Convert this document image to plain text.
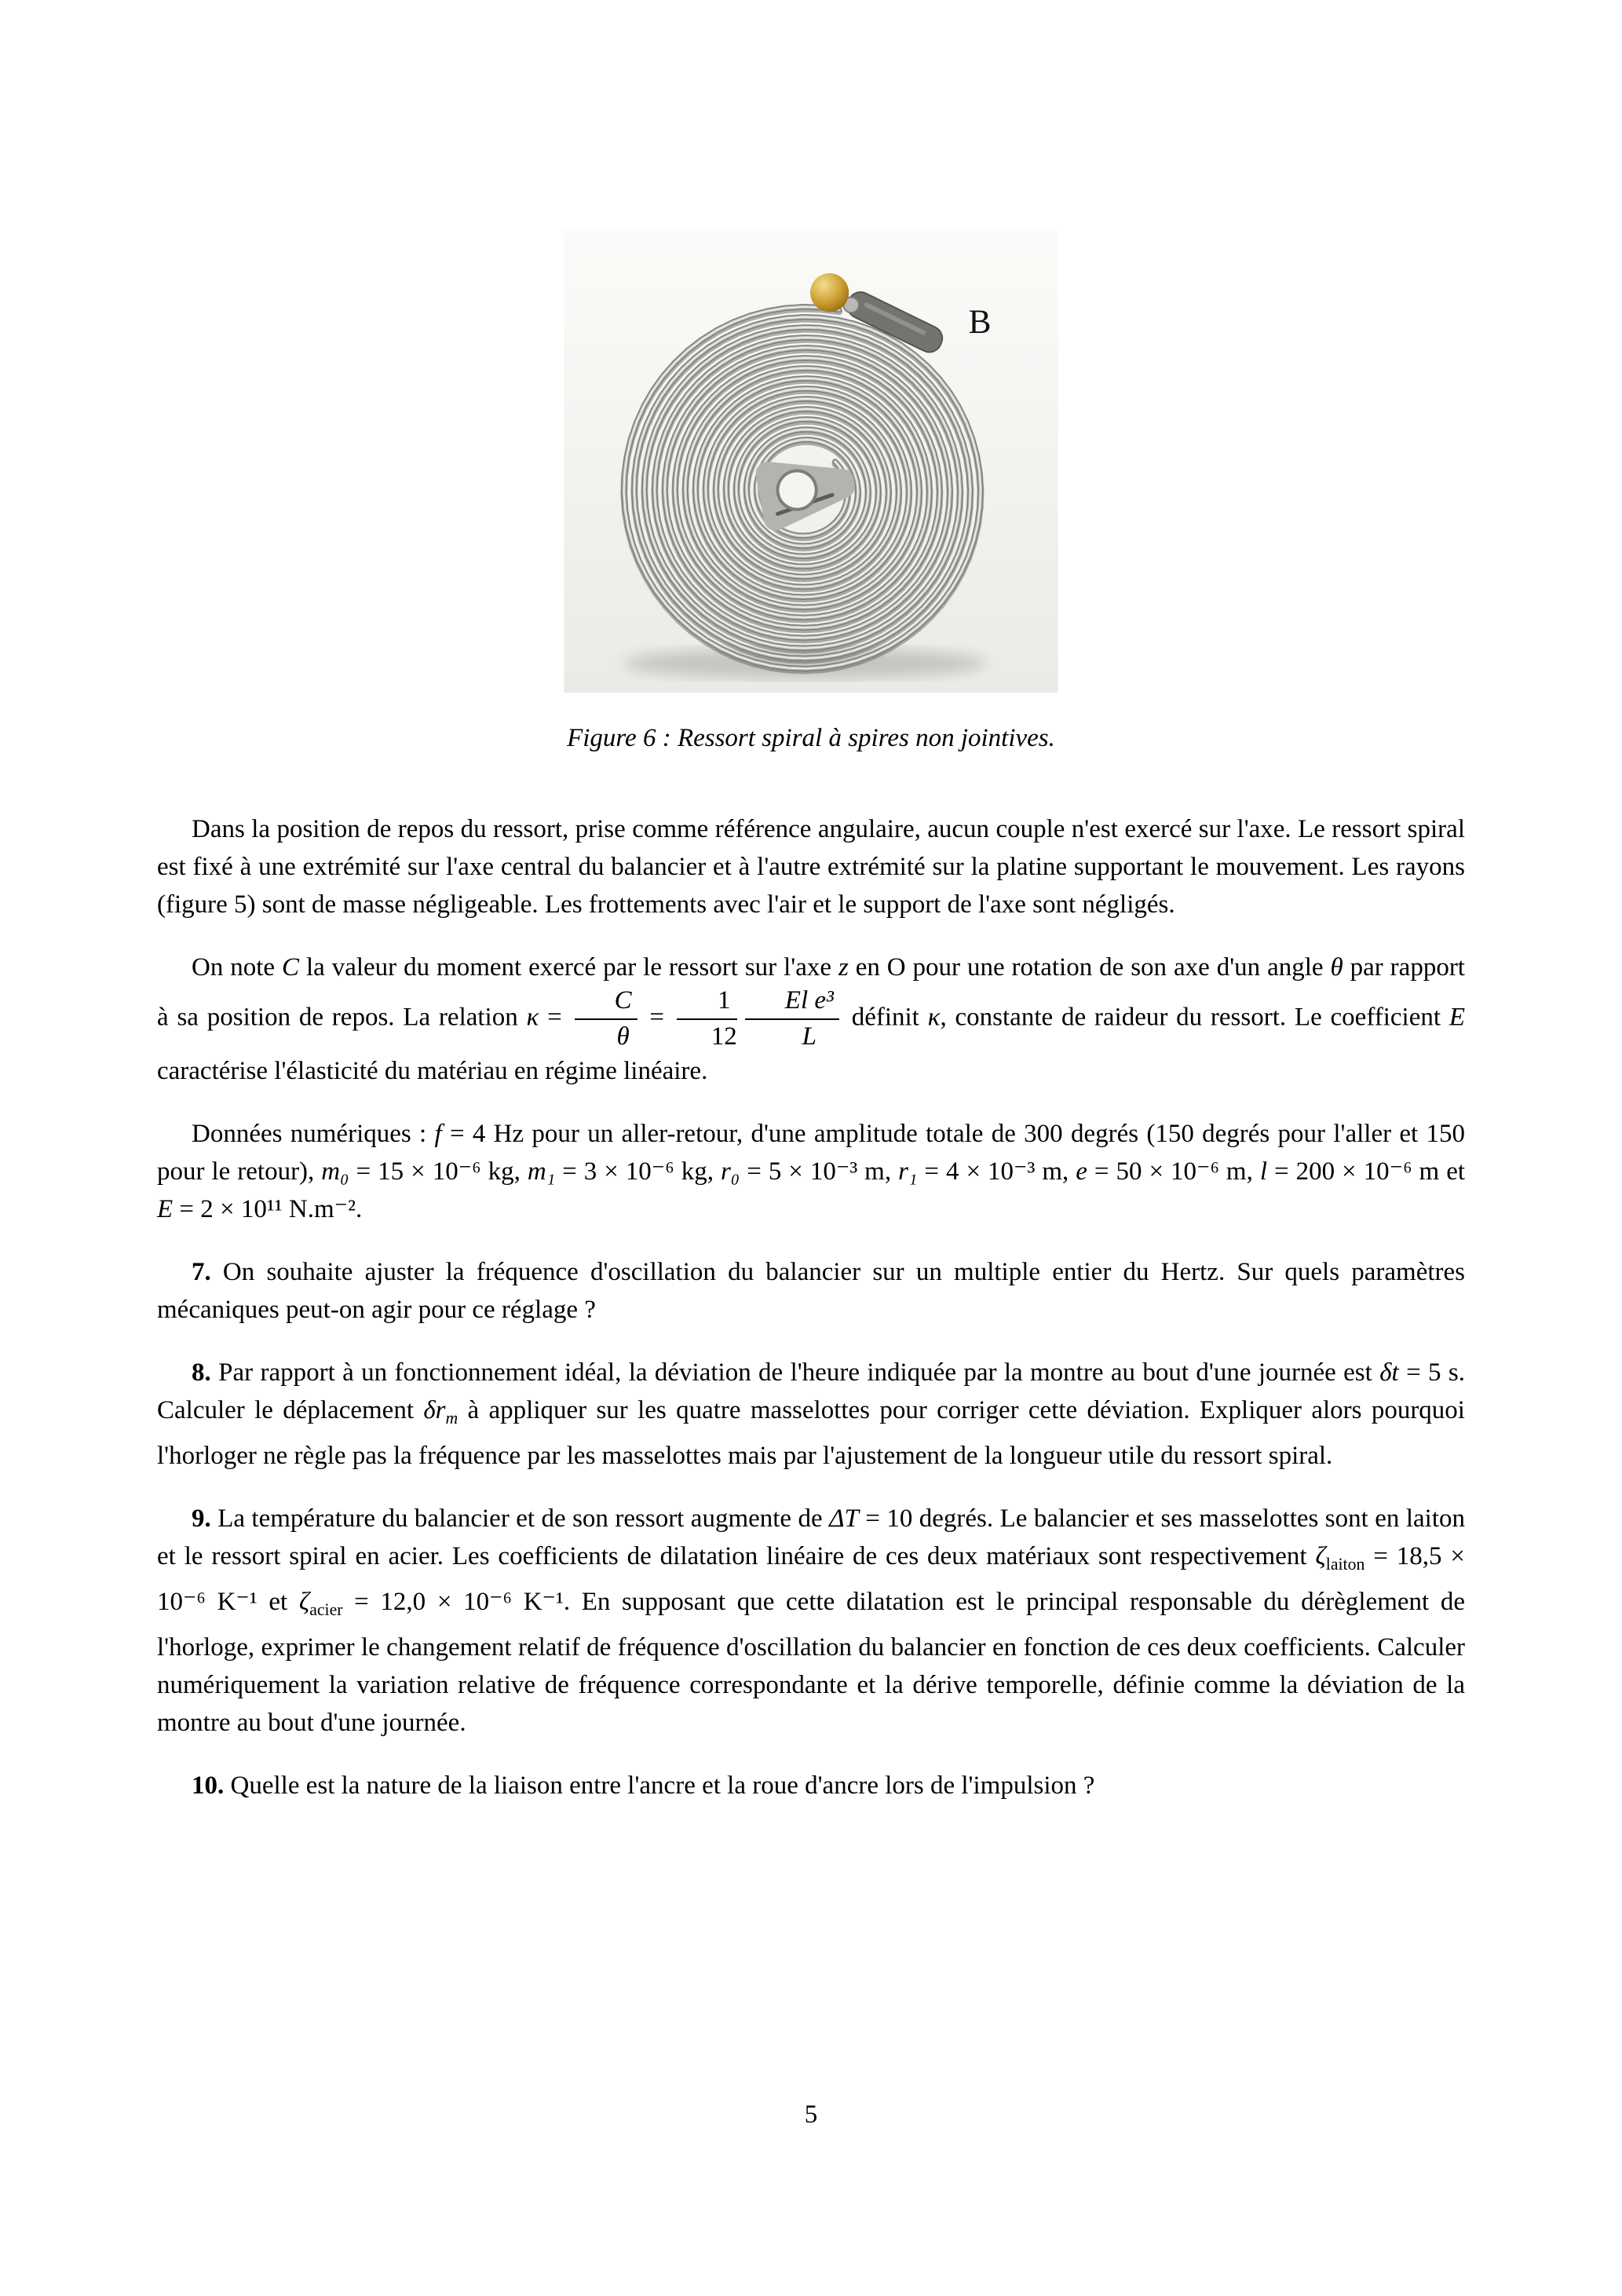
B
Figure 6 : Ressort spiral à spires non jointives.

Dans la position de repos du ressort, prise comme référence angulaire, aucun couple n'est exercé sur l'axe. Le ressort spiral est fixé à une extrémité sur l'axe central du balancier et à l'autre extrémité sur la platine supportant le mouvement. Les rayons (figure 5) sont de masse négligeable. Les frottements avec l'air et le support de l'axe sont négligés.

On note C la valeur du moment exercé par le ressort sur l'axe z en O pour une rotation de son axe d'un angle θ par rapport à sa position de repos. La relation $\kappa = \frac{C}{\theta} = \frac{1}{12} \frac{\text{El e³}}{L}$ définit κ, constante de raideur du ressort. Le coefficient E caractérise l'élasticité du matériau en régime linéaire.

Données numériques : f = 4 Hz pour un aller-retour, d'une amplitude totale de 300 degrés (150 degrés pour l'aller et 150 pour le retour), m₀ = 15 × 10⁻⁶ kg, m₁ = 3 × 10⁻⁶ kg, r₀ = 5 × 10⁻³ m, r₁ = 4 × 10⁻³ m, e = 50 × 10⁻⁶ m, l = 200 × 10⁻⁶ m et E = 2 × 10¹¹ N.m⁻².

7. On souhaite ajuster la fréquence d'oscillation du balancier sur un multiple entier du Hertz. Sur quels paramètres mécaniques peut-on agir pour ce réglage ?

8. Par rapport à un fonctionnement idéal, la déviation de l'heure indiquée par la montre au bout d'une journée est δt = 5 s. Calculer le déplacement $\delta r_m$ à appliquer sur les quatre masselottes pour corriger cette déviation. Expliquer alors pourquoi l'horloger ne règle pas la fréquence par les masselottes mais par l'ajustement de la longueur utile du ressort spiral.

9. La température du balancier et de son ressort augmente de ΔT = 10 degrés. Le balancier et ses masselottes sont en laiton et le ressort spiral en acier. Les coefficients de dilatation linéaire de ces deux matériaux sont respectivement $\zeta_{laiton} = 18,5 \times 10^{-6}$ K⁻¹ et $\zeta_{acier} = 12,0 \times 10^{-6}$ K⁻¹. En supposant que cette dilatation est le principal responsable du dérèglement de l'horloge, exprimer le changement relatif de fréquence d'oscillation du balancier en fonction de ces deux coefficients. Calculer numériquement la variation relative de fréquence correspondante et la dérive temporelle, définie comme la déviation de la montre au bout d'une journée.

10. Quelle est la nature de la liaison entre l'ancre et la roue d'ancre lors de l'impulsion ?

5
